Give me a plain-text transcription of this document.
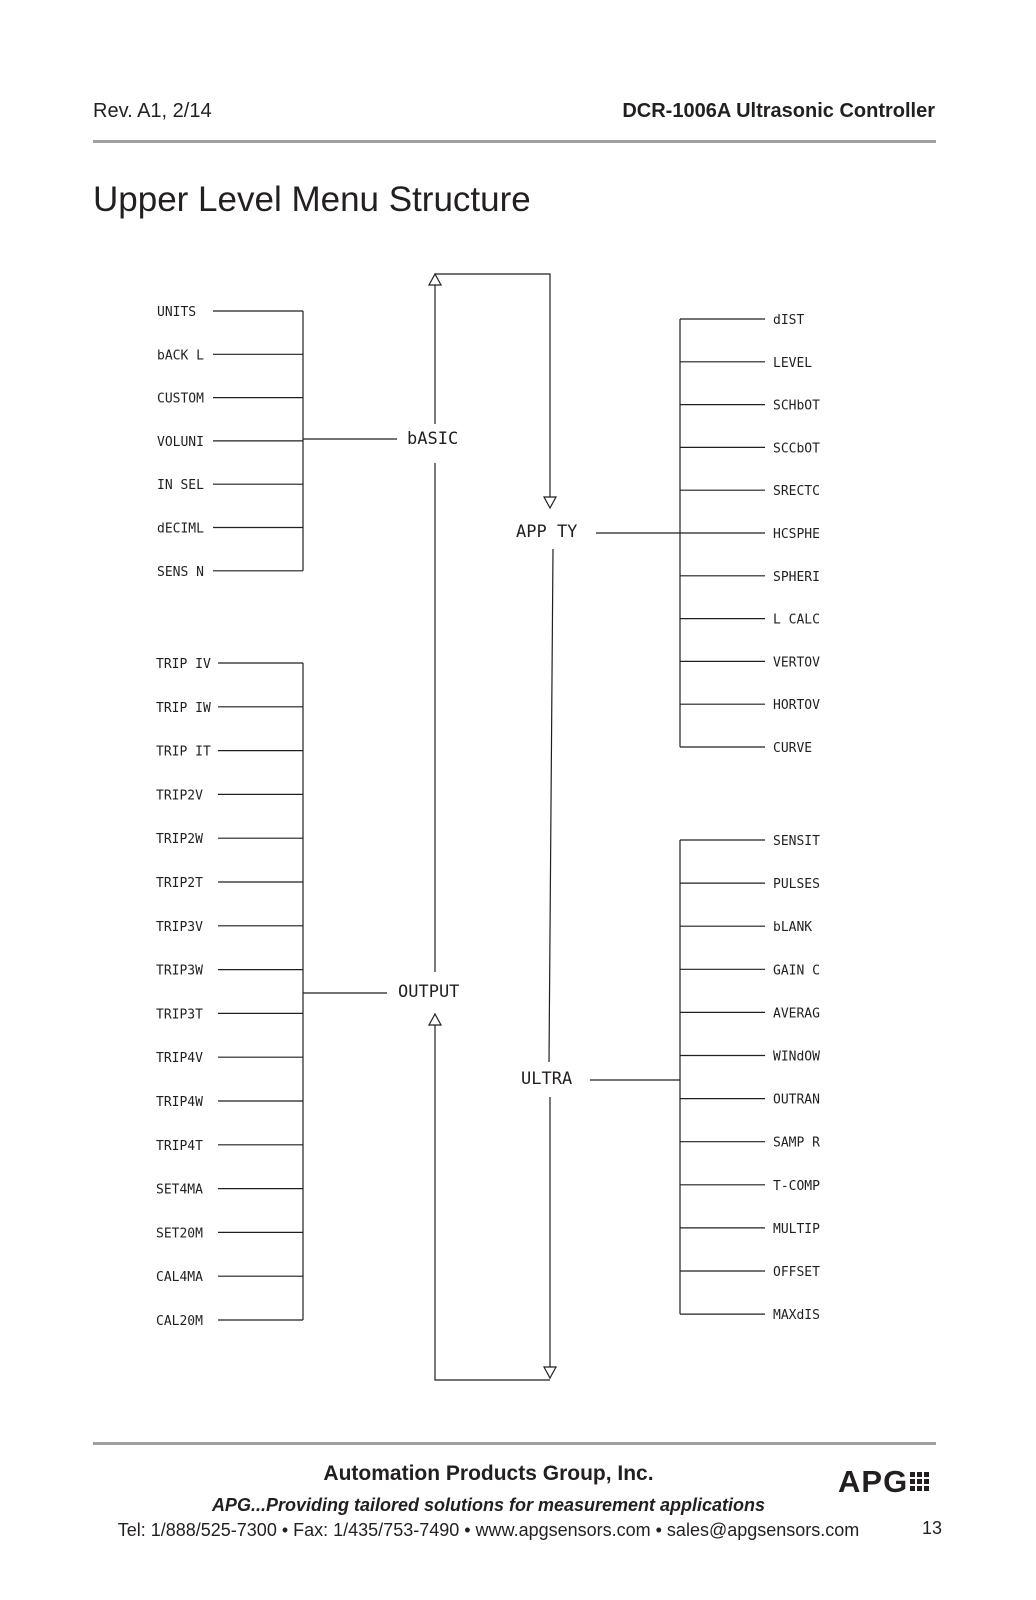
Rev. A1, 2/14	DCR-1006A Ultrasonic Controller
Upper Level Menu Structure
UNITS
bACK L
CUSTOM
VOLUNI
IN SEL
dECIML
SENS N
TRIP IV
TRIP IW
TRIP IT
TRIP2V
TRIP2W
TRIP2T
TRIP3V
TRIP3W
TRIP3T
TRIP4V
TRIP4W
TRIP4T
SET4MA
SET20M
CAL4MA
CAL20M
dIST
LEVEL
SCHbOT
SCCbOT
SRECTC
HCSPHE
SPHERI
L CALC
VERTOV
HORTOV
CURVE
SENSIT
PULSES
bLANK
GAIN C
AVERAG
WINdOW
OUTRAN
SAMP R
T-COMP
MULTIP
OFFSET
MAXdIS
bASIC
APP TY
OUTPUT
ULTRA
Automation Products Group, Inc.
APG...Providing tailored solutions for measurement applications
Tel: 1/888/525-7300 • Fax: 1/435/753-7490 • www.apgsensors.com • sales@apgsensors.com
APG
13
